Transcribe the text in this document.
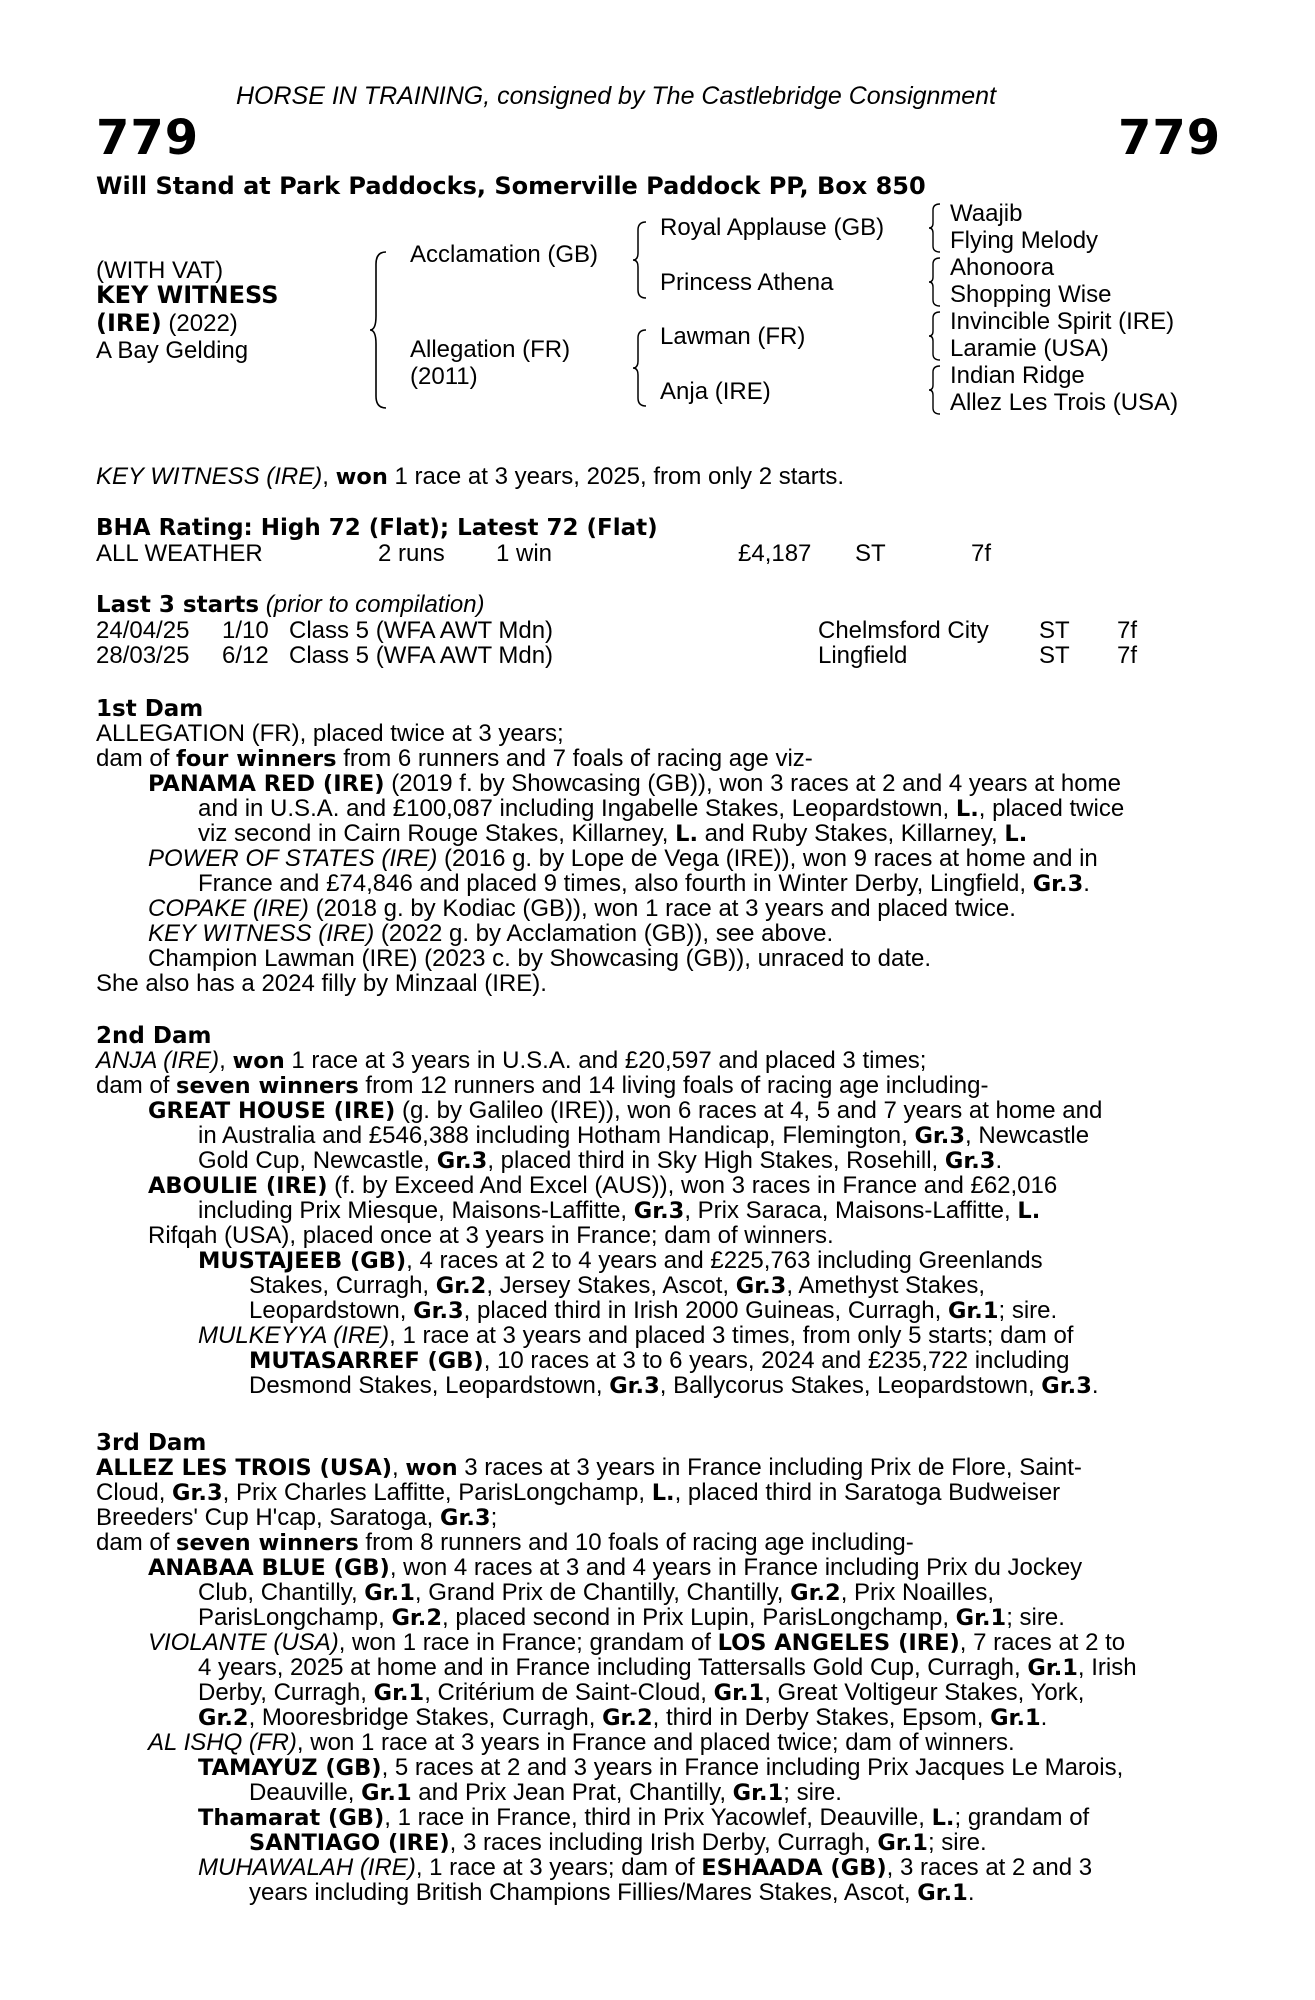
HORSE IN TRAINING, consigned by The Castlebridge Consignment
779	779
Will Stand at Park Paddocks, Somerville Paddock PP, Box 850
(WITH VAT)
KEY WITNESS
(IRE) (2022)
A Bay Gelding
Acclamation (GB)
Allegation (FR)
(2011)
Royal Applause (GB)
Princess Athena
Lawman (FR)
Anja (IRE)
Waajib
Flying Melody
Ahonoora
Shopping Wise
Invincible Spirit (IRE)
Laramie (USA)
Indian Ridge
Allez Les Trois (USA)
KEY WITNESS (IRE), won 1 race at 3 years, 2025, from only 2 starts.
BHA Rating: High 72 (Flat); Latest 72 (Flat)
ALL WEATHER	2 runs 1 win	£4,187 ST	7f
Last 3 starts (prior to compilation)
24/04/25 1/10 Class 5 (WFA AWT Mdn)	Chelmsford City ST 7f
28/03/25 6/12 Class 5 (WFA AWT Mdn)	Lingfield	ST 7f
1st Dam
ALLEGATION (FR), placed twice at 3 years;
dam of four winners from 6 runners and 7 foals of racing age viz-
PANAMA RED (IRE) (2019 f. by Showcasing (GB)), won 3 races at 2 and 4 years at home
and in U.S.A. and £100,087 including Ingabelle Stakes, Leopardstown, L., placed twice
viz second in Cairn Rouge Stakes, Killarney, L. and Ruby Stakes, Killarney, L.
POWER OF STATES (IRE) (2016 g. by Lope de Vega (IRE)), won 9 races at home and in
France and £74,846 and placed 9 times, also fourth in Winter Derby, Lingfield, Gr.3.
COPAKE (IRE) (2018 g. by Kodiac (GB)), won 1 race at 3 years and placed twice.
KEY WITNESS (IRE) (2022 g. by Acclamation (GB)), see above.
Champion Lawman (IRE) (2023 c. by Showcasing (GB)), unraced to date.
She also has a 2024 filly by Minzaal (IRE).
2nd Dam
ANJA (IRE), won 1 race at 3 years in U.S.A. and £20,597 and placed 3 times;
dam of seven winners from 12 runners and 14 living foals of racing age including-
GREAT HOUSE (IRE) (g. by Galileo (IRE)), won 6 races at 4, 5 and 7 years at home and
in Australia and £546,388 including Hotham Handicap, Flemington, Gr.3, Newcastle
Gold Cup, Newcastle, Gr.3, placed third in Sky High Stakes, Rosehill, Gr.3.
ABOULIE (IRE) (f. by Exceed And Excel (AUS)), won 3 races in France and £62,016
including Prix Miesque, Maisons-Laffitte, Gr.3, Prix Saraca, Maisons-Laffitte, L.
Rifqah (USA), placed once at 3 years in France; dam of winners.
MUSTAJEEB (GB), 4 races at 2 to 4 years and £225,763 including Greenlands
Stakes, Curragh, Gr.2, Jersey Stakes, Ascot, Gr.3, Amethyst Stakes,
Leopardstown, Gr.3, placed third in Irish 2000 Guineas, Curragh, Gr.1; sire.
MULKEYYA (IRE), 1 race at 3 years and placed 3 times, from only 5 starts; dam of
MUTASARREF (GB), 10 races at 3 to 6 years, 2024 and £235,722 including
Desmond Stakes, Leopardstown, Gr.3, Ballycorus Stakes, Leopardstown, Gr.3.
3rd Dam
ALLEZ LES TROIS (USA), won 3 races at 3 years in France including Prix de Flore, Saint-
Cloud, Gr.3, Prix Charles Laffitte, ParisLongchamp, L., placed third in Saratoga Budweiser
Breeders' Cup H'cap, Saratoga, Gr.3;
dam of seven winners from 8 runners and 10 foals of racing age including-
ANABAA BLUE (GB), won 4 races at 3 and 4 years in France including Prix du Jockey
Club, Chantilly, Gr.1, Grand Prix de Chantilly, Chantilly, Gr.2, Prix Noailles,
ParisLongchamp, Gr.2, placed second in Prix Lupin, ParisLongchamp, Gr.1; sire.
VIOLANTE (USA), won 1 race in France; grandam of LOS ANGELES (IRE), 7 races at 2 to
4 years, 2025 at home and in France including Tattersalls Gold Cup, Curragh, Gr.1, Irish
Derby, Curragh, Gr.1, Critérium de Saint-Cloud, Gr.1, Great Voltigeur Stakes, York,
Gr.2, Mooresbridge Stakes, Curragh, Gr.2, third in Derby Stakes, Epsom, Gr.1.
AL ISHQ (FR), won 1 race at 3 years in France and placed twice; dam of winners.
TAMAYUZ (GB), 5 races at 2 and 3 years in France including Prix Jacques Le Marois,
Deauville, Gr.1 and Prix Jean Prat, Chantilly, Gr.1; sire.
Thamarat (GB), 1 race in France, third in Prix Yacowlef, Deauville, L.; grandam of
SANTIAGO (IRE), 3 races including Irish Derby, Curragh, Gr.1; sire.
MUHAWALAH (IRE), 1 race at 3 years; dam of ESHAADA (GB), 3 races at 2 and 3
years including British Champions Fillies/Mares Stakes, Ascot, Gr.1.
